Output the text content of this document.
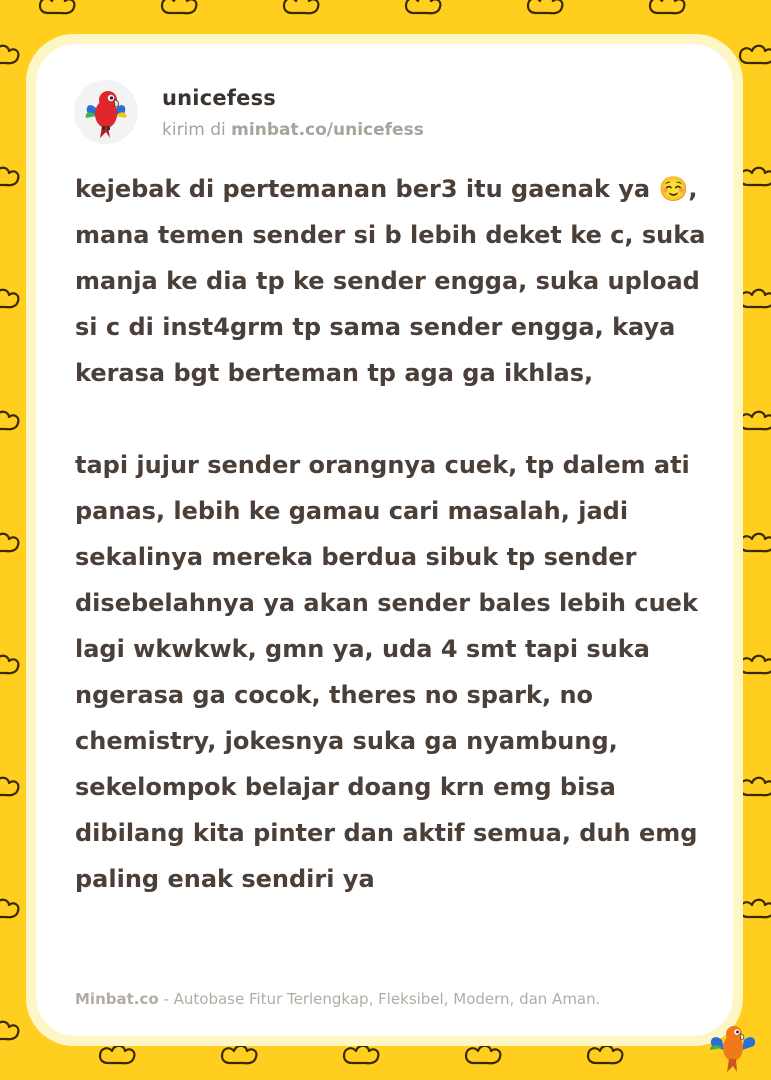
unicefess
kirim di minbat.co/unicefess

kejebak di pertemanan ber3 itu gaenak ya ☺️, mana temen sender si b lebih deket ke c, suka manja ke dia tp ke sender engga, suka upload si c di inst4grm tp sama sender engga, kaya kerasa bgt berteman tp aga ga ikhlas,

tapi jujur sender orangnya cuek, tp dalem ati panas, lebih ke gamau cari masalah, jadi sekalinya mereka berdua sibuk tp sender disebelahnya ya akan sender bales lebih cuek lagi wkwkwk, gmn ya, uda 4 smt tapi suka ngerasa ga cocok, theres no spark, no chemistry, jokesnya suka ga nyambung, sekelompok belajar doang krn emg bisa dibilang kita pinter dan aktif semua, duh emg paling enak sendiri ya

Minbat.co - Autobase Fitur Terlengkap, Fleksibel, Modern, dan Aman.
